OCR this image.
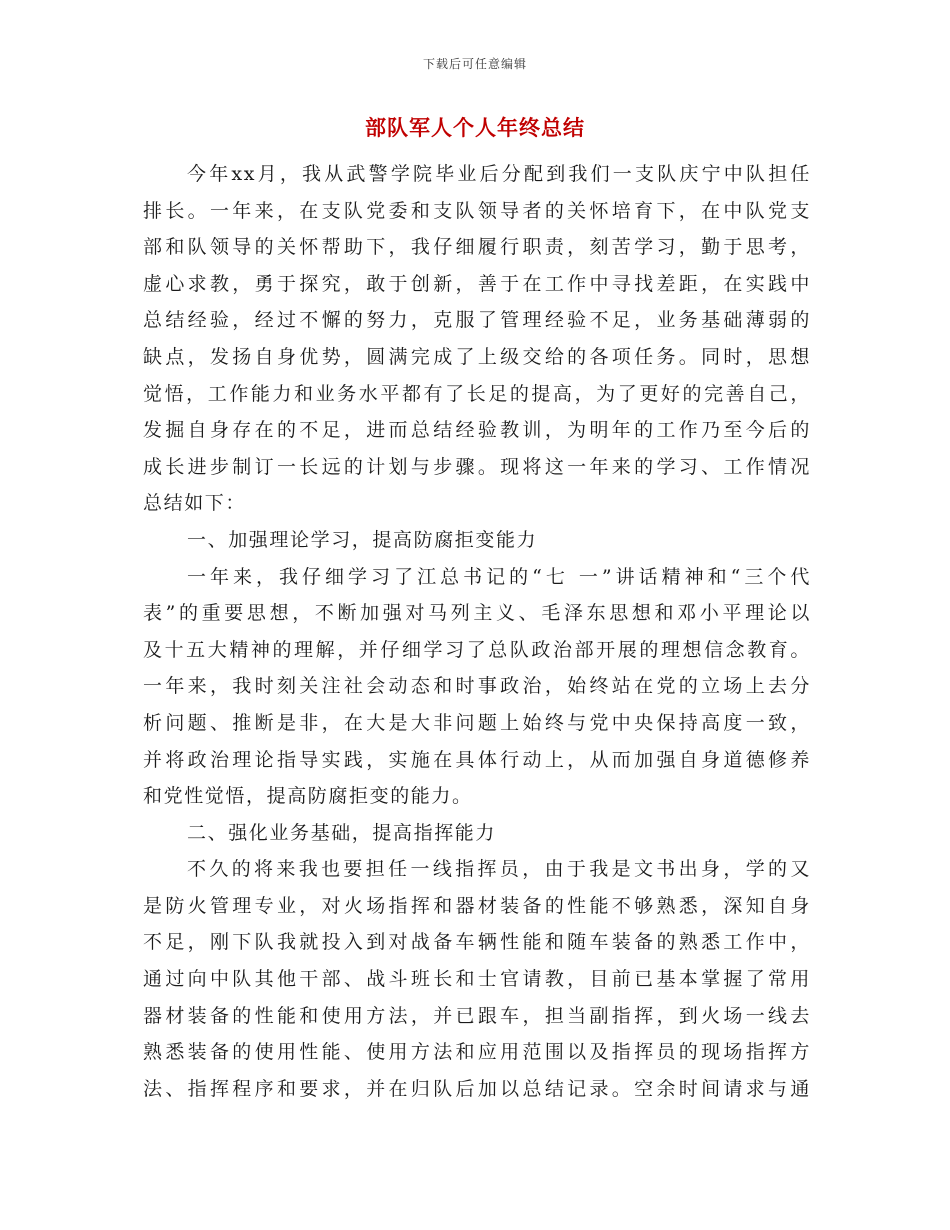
下载后可任意编辑
部队军人个人年终总结
今年xx月，我从武警学院毕业后分配到我们一支队庆宁中队担任
排长。一年来，在支队党委和支队领导者的关怀培育下，在中队党支
部和队领导的关怀帮助下，我仔细履行职责，刻苦学习，勤于思考，
虚心求教，勇于探究，敢于创新，善于在工作中寻找差距，在实践中
总结经验，经过不懈的努力，克服了管理经验不足，业务基础薄弱的
缺点，发扬自身优势，圆满完成了上级交给的各项任务。同时，思想
觉悟，工作能力和业务水平都有了长足的提高，为了更好的完善自己，
发掘自身存在的不足，进而总结经验教训，为明年的工作乃至今后的
成长进步制订一长远的计划与步骤。现将这一年来的学习、工作情况
总结如下：
一、加强理论学习，提高防腐拒变能力
一年来，我仔细学习了江总书记的“七 一”讲话精神和“三个代
表”的重要思想，不断加强对马列主义、毛泽东思想和邓小平理论以
及十五大精神的理解，并仔细学习了总队政治部开展的理想信念教育。
一年来，我时刻关注社会动态和时事政治，始终站在党的立场上去分
析问题、推断是非，在大是大非问题上始终与党中央保持高度一致，
并将政治理论指导实践，实施在具体行动上，从而加强自身道德修养
和党性觉悟，提高防腐拒变的能力。
二、强化业务基础，提高指挥能力
不久的将来我也要担任一线指挥员，由于我是文书出身，学的又
是防火管理专业，对火场指挥和器材装备的性能不够熟悉，深知自身
不足，刚下队我就投入到对战备车辆性能和随车装备的熟悉工作中，
通过向中队其他干部、战斗班长和士官请教，目前已基本掌握了常用
器材装备的性能和使用方法，并已跟车，担当副指挥，到火场一线去
熟悉装备的使用性能、使用方法和应用范围以及指挥员的现场指挥方
法、指挥程序和要求，并在归队后加以总结记录。空余时间请求与通
